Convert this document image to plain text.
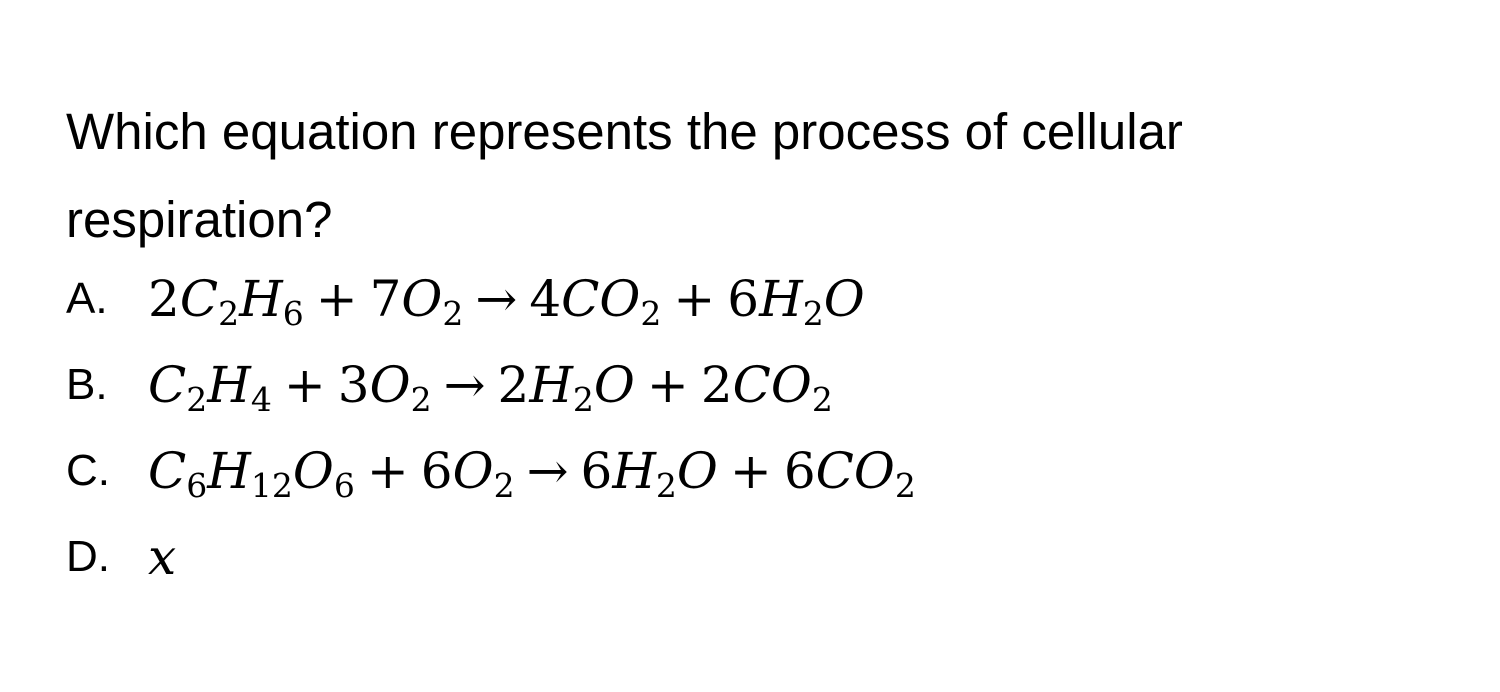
Which equation represents the process of cellular respiration?

A. $2C_2H_6 + 7O_2 \to 4CO_2 + 6H_2O$
B. $C_2H_4 + 3O_2 \to 2H_2O + 2CO_2$
C. $C_6H_{12}O_6 + 6O_2 \to 6H_2O + 6CO_2$
D. x
